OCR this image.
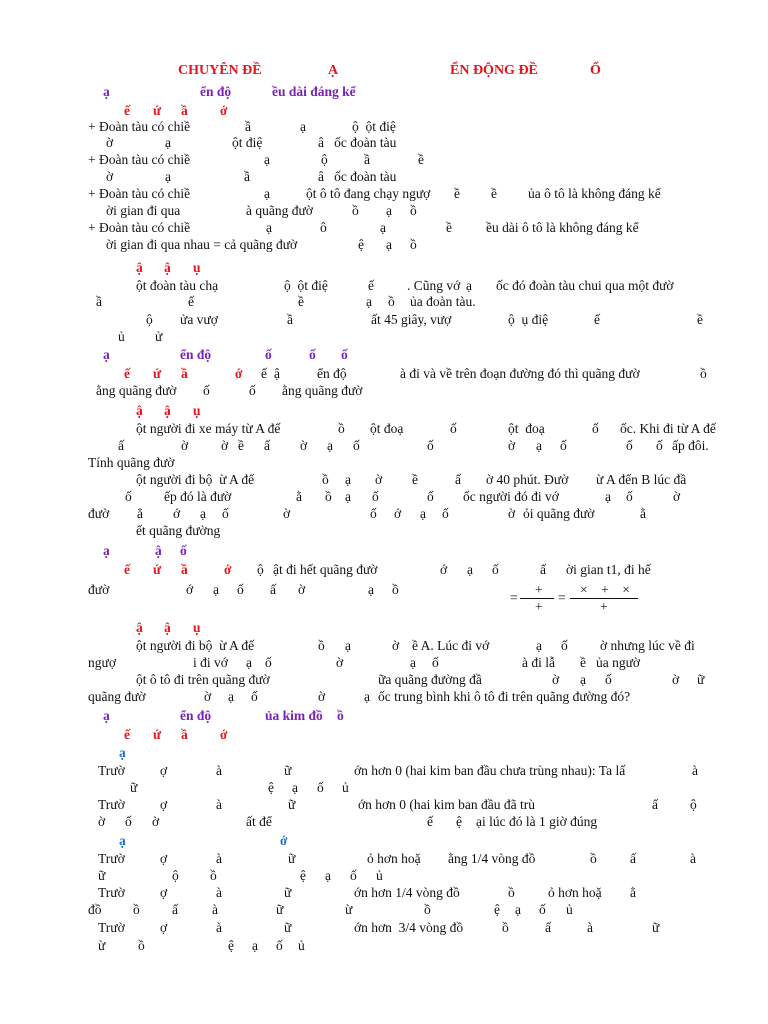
CHUYÊN ĐỀ	Ạ	ỂN ĐỘNG ĐỀ	Ổ
ạ	ển độ	ều dài đáng kể
ế ứ ầ ớ
+ Đoàn tàu có chiề	ầ	ạ	ộ  ột điệ
ờ	ạ	ột điệ	â   ốc đoàn tàu
+ Đoàn tàu có chiề	ạ	ộ	ầ	ề
ờ	ạ	ầ	â   ốc đoàn tàu
+ Đoàn tàu có chiề	ạ	ột ô tô đang chạy ngượ ề ề ủa ô tô là không đáng kể
ời gian đi qua	à quãng đườ	ồ ạ ồ
+ Đoàn tàu có chiề	ạ	ô	ạ	ề	ều dài ô tô là không đáng kể
ời gian đi qua nhau = cả quãng đườ	ệ ạ ồ
ậ ậ ụ
ột đoàn tàu chạ	ộ  ột điệ	ế . Cũng vớ ạ ốc đó đoàn tàu chui qua một đườ
ầ	ế	ề	ạ ồ ủa đoàn tàu.
ộ ửa vượ	ầ	ất 45 giây, vượ	ộ  ụ điệ	ế	ề
ủ ử
ạ	ển độ	ố	ố ố
ế ứ ầ	ớ ế ậ	ển độ	à đi và về trên đoạn đường đó thì quãng đườ	ồ
ằng quãng đườ ố	ố ằng quãng đườ
ậ ậ ụ
ột người đi xe máy từ A đế	ồ ột đoạ	ố	ột  đoạ	ố ốc. Khi đi từ A đế
ấ	ờ ờ ề ấ ờ ạ ố	ố	ờ ạ ố	ố ố ấp đôi.
Tính quãng đườ
ột người đi bộ  ừ A đế	ồ ạ ờ ề	ấ ờ 40 phút. Đườ ừ A đến B lúc đầ
ố ếp đó là đườ	ằ ồ ạ ố	ố ốc người đó đi vớ	ạ ố	ờ
đườ ẳ ớ ạ ố	ờ	ố ớ ạ ố	ờ ỏi quãng đườ	ằ
ết quãng đường
ạ	ậ ố
ế ứ ầ	ớ ộ ật đi hết quãng đườ	ớ ạ ố	ấ ời gian t1, đi hế
đườ	ớ ạ ố ấ ờ	ạ ồ
=
+
+
=
×    +    ×
+
ậ ậ ụ
ột người đi bộ  ừ A đế	ồ ạ	ờ ề A. Lúc đi vớ	ạ ố ờ nhưng lúc về đi
ngượ	i đi vớ ạ ố	ờ	ạ ố	à đi lẫ ề ủa ngườ
ột ô tô đi trên quãng đườ	ữa quãng đường đầ	ờ ạ ố	ờ ữ
quãng đườ	ờ ạ ố	ờ	ạ ốc trung bình khi ô tô đi trên quãng đường đó?
ạ	ển độ	ủa kim đồ ồ
ế ứ ầ ớ
ạ
Trườ	ợ	à	ữ	ớn hơn 0 (hai kim ban đầu chưa trùng nhau): Ta lấ	à
ữ	ệ ạ ố ủ
Trườ	ợ	à	ữ	ớn hơn 0 (hai kim ban đầu đã trù	ấ ộ
ờ ố ờ	ất để	ế ệ ại lúc đó là 1 giờ đúng
ạ	ớ
Trườ	ợ	à	ữ	ỏ hơn hoặ ằng 1/4 vòng đồ	ồ ấ	à
ữ	ộ ồ	ệ ạ ố ủ
Trườ	ợ	à	ữ	ớn hơn 1/4 vòng đồ	ồ ỏ hơn hoặ ằ
đồ ồ ấ	à	ữ	ừ	ồ	ệ ạ ố ủ
Trườ	ợ	à	ữ	ớn hơn  3/4 vòng đồ	ồ	ấ	à	ữ
ừ ồ	ệ ạ ố ủ
